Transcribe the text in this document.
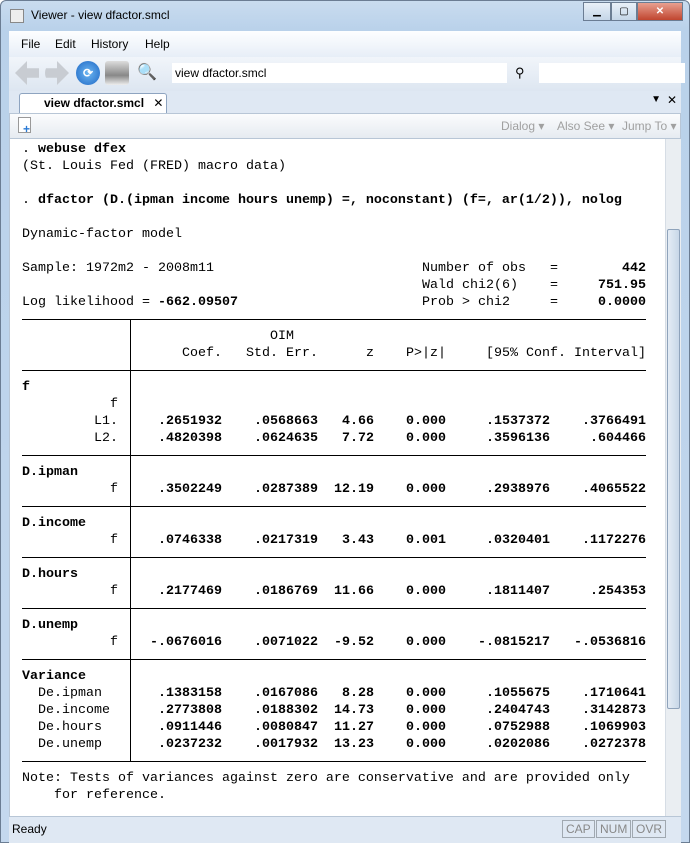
Viewer - view dfactor.smcl	▁	▢	✕
File Edit History Help
⟳	🔍 view dfactor.smcl	⚲
view dfactor.smcl ✕	▼ ✕
+	Dialog ▾ Also See ▾ Jump To ▾
. webuse dfex
(St. Louis Fed (FRED) macro data)
. dfactor (D.(ipman income hours unemp) =, noconstant) (f=, ar(1/2)), nolog
Dynamic-factor model
Sample: 1972m2 - 2008m11	Number of obs =	442
Wald chi2(6) =	751.95
Log likelihood = -662.09507	Prob > chi2	=	0.0000
OIM
Coef. Std. Err.	z P>|z|	[95% Conf. Interval]
f
f
L1.	.2651932 .0568663 4.66 0.000	.1537372 .3766491
L2.	.4820398 .0624635 7.72 0.000	.3596136	.604466
D.ipman
f	.3502249 .0287389 12.19 0.000	.2938976 .4065522
D.income
f	.0746338 .0217319 3.43 0.001	.0320401 .1172276
D.hours
f	.2177469 .0186769 11.66 0.000	.1811407	.254353
D.unemp
f -.0676016 .0071022 -9.52 0.000 -.0815217 -.0536816
Variance
De.ipman	.1383158 .0167086 8.28 0.000	.1055675 .1710641
De.income	.2773808 .0188302 14.73 0.000	.2404743 .3142873
De.hours	.0911446 .0080847 11.27 0.000	.0752988 .1069903
De.unemp	.0237232 .0017932 13.23 0.000	.0202086 .0272378
Note: Tests of variances against zero are conservative and are provided only
for reference.
Ready	CAP NUM OVR
